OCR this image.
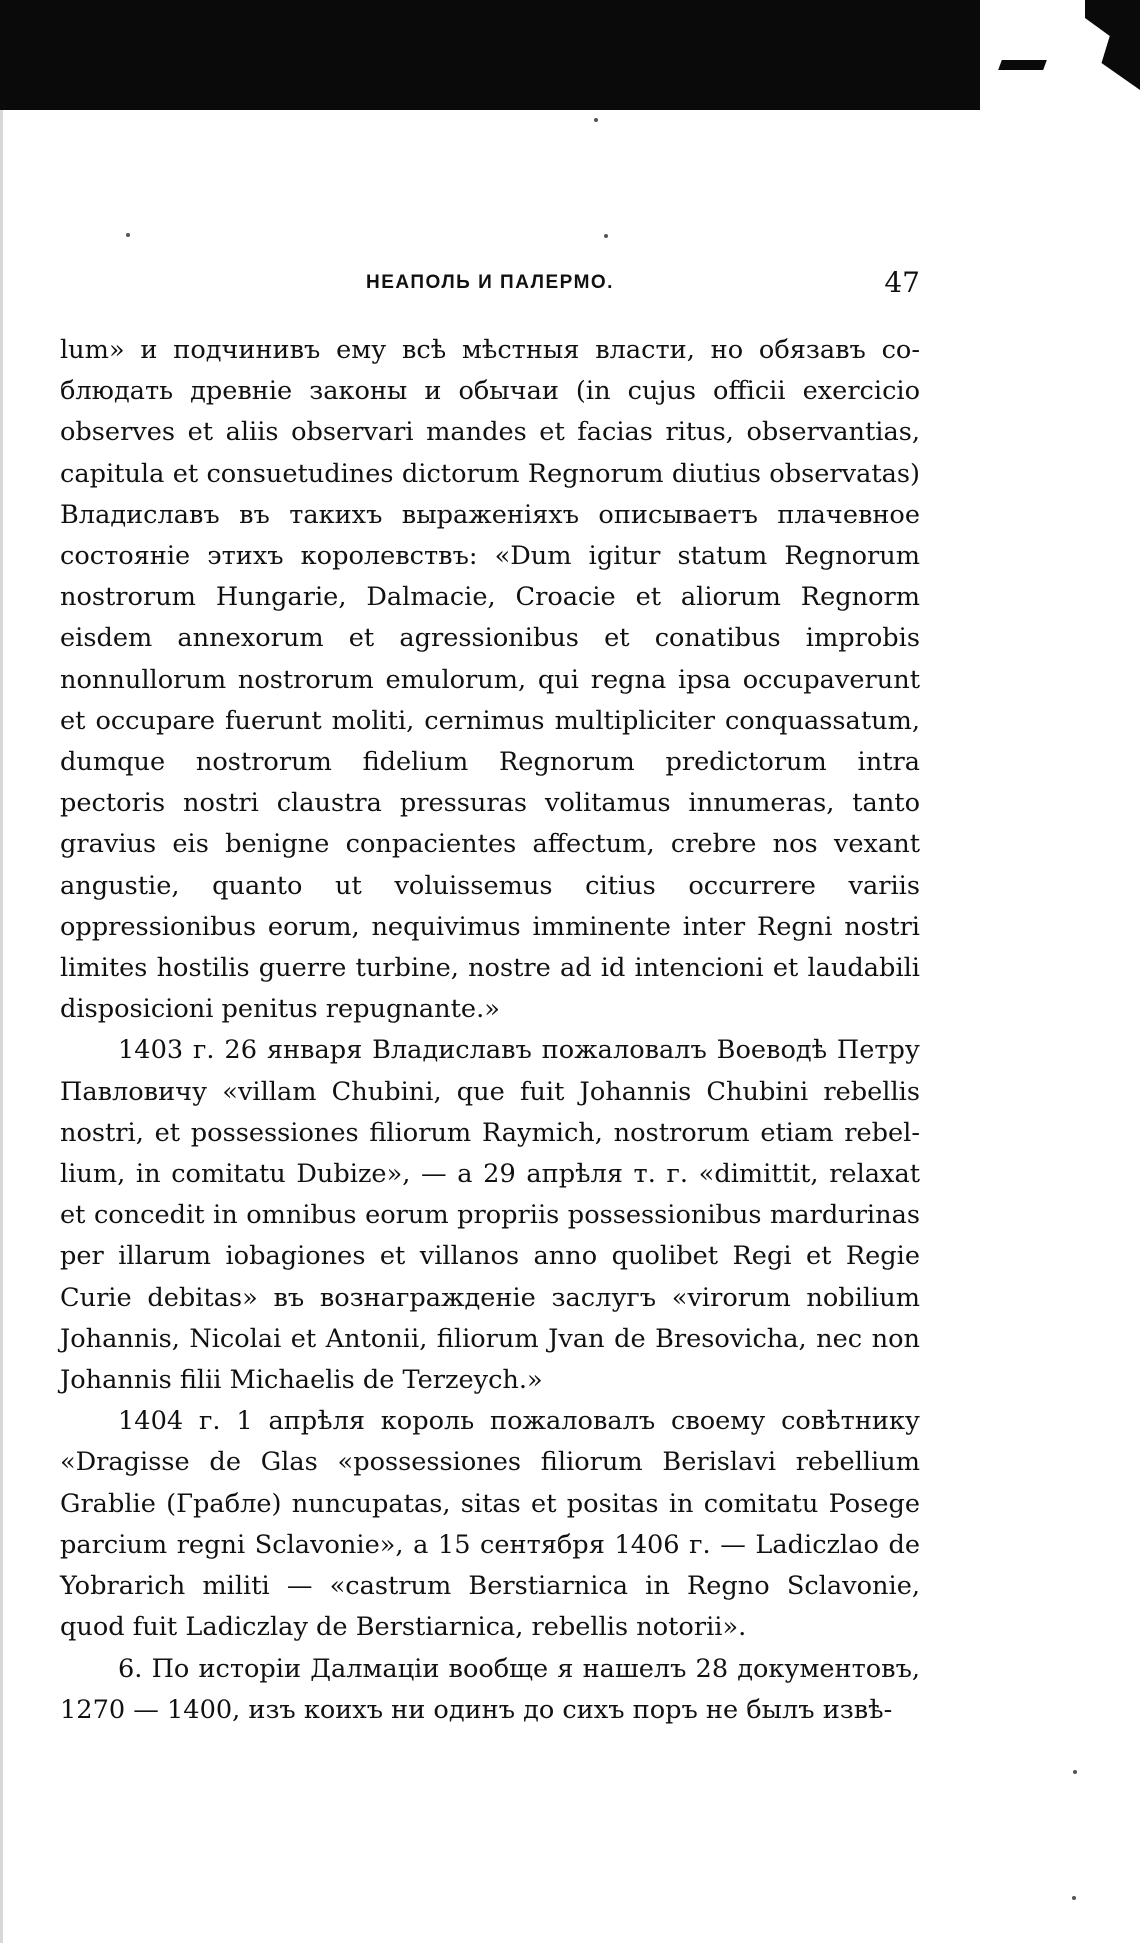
НЕАПОЛЬ И ПАЛЕРМО.	47

lum» и подчинивъ ему всѣ мѣстныя власти, но обязавъ соблюдать древніе законы и обычаи (in cujus officii exercicio observes et aliis observari mandes et facias ritus, observantias, capitula et consuetudines dictorum Regnorum diutius observatas) Владиславъ въ такихъ выраженіяхъ описываетъ плачевное состояніе этихъ королевствъ: «Dum igitur statum Regnorum nostrorum Hungarie, Dalmacie, Croacie et aliorum Regnorm eisdem annexorum et agressionibus et conatibus improbis nonnullorum nostrorum emulorum, qui regna ipsa occupaverunt et occupare fuerunt moliti, cernimus multipliciter conquassatum, dumque nostrorum fidelium Regnorum predictorum intra pectoris nostri claustra pressuras volitamus innumeras, tanto gravius eis benigne conpacientes affectum, crebre nos vexant angustie, quanto ut voluissemus citius occurrere variis oppressionibus eorum, nequivimus imminente inter Regni nostri limites hostilis guerre turbine, nostre ad id intencioni et laudabili disposicioni penitus repugnante.»

1403 г. 26 января Владиславъ пожаловалъ Воеводѣ Петру Павловичу «villam Chubini, que fuit Johannis Chubini rebellis nostri, et possessiones filiorum Raymich, nostrorum etiam rebellium, in comitatu Dubize», — а 29 апрѣля т. г. «dimittit, relaxat et concedit in omnibus eorum propriis possessionibus mardurinas per illarum iobagiones et villanos anno quolibet Regi et Regie Curie debitas» въ вознагражденіе заслугъ «virorum nobilium Johannis, Nicolai et Antonii, filiorum Jvan de Bresovicha, nec non Johannis filii Michaelis de Terzeych.»

1404 г. 1 апрѣля король пожаловалъ своему совѣтнику «Dragisse de Glas «possessiones filiorum Berislavi rebellium Grablie (Грабле) nuncupatas, sitas et positas in comitatu Posege parcium regni Sclavonie», а 15 сентября 1406 г. — Ladiczlao de Yobrarich militi — «castrum Berstiarnica in Regno Sclavonie, quod fuit Ladiczlay de Berstiarnica, rebellis notorii».

6. По исторіи Далмаціи вообще я нашелъ 28 документовъ, 1270 — 1400, изъ коихъ ни одинъ до сихъ поръ не былъ извѣ-
